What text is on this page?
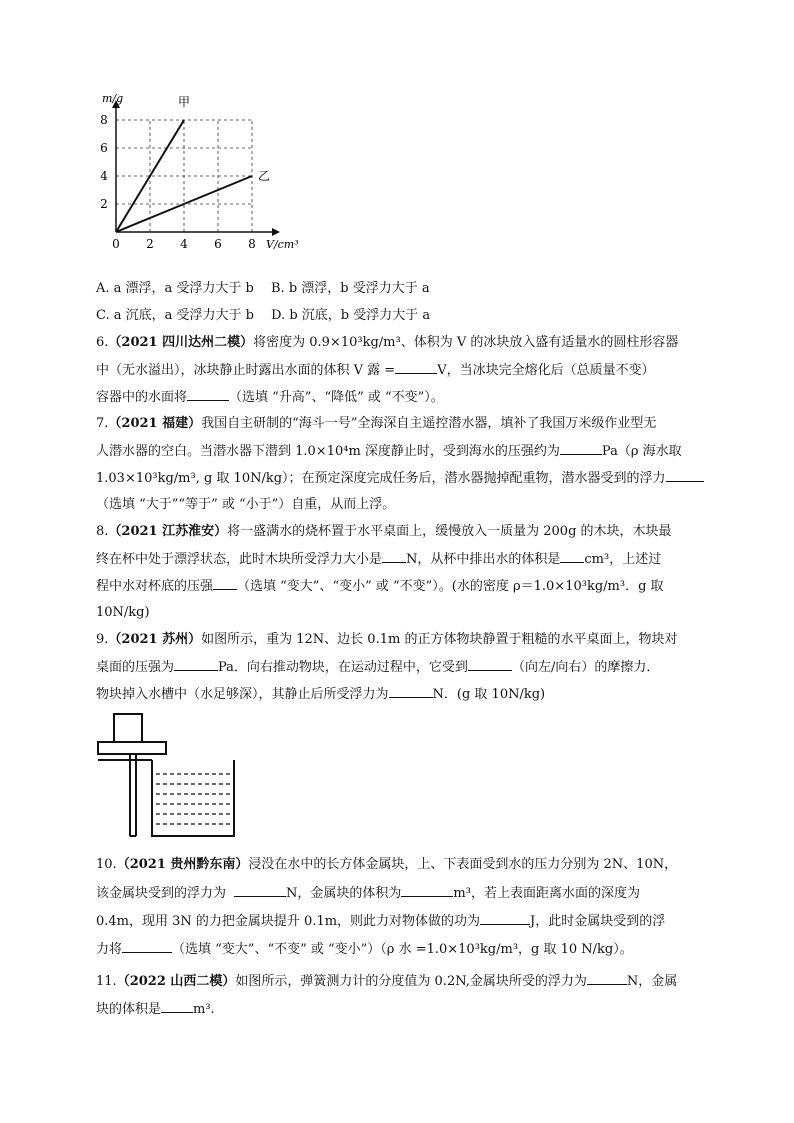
0 2 4 6 8
2
4
6
8
m/g
V/cm³
甲
乙
A. a 漂浮，a 受浮力大于 b　 B. b 漂浮，b 受浮力大于 a
C. a 沉底，a 受浮力大于 b　 D. b 沉底，b 受浮力大于 a
6.（2021 四川达州二模）将密度为 0.9×10³kg/m³、体积为 V 的冰块放入盛有适量水的圆柱形容器
中（无水溢出），冰块静止时露出水面的体积 V 露 =	V，当冰块完全熔化后（总质量不变）
容器中的水面将	（选填 “升高”、“降低” 或 “不变”）。
7.（2021 福建）我国自主研制的“海斗一号”全海深自主遥控潜水器，填补了我国万米级作业型无
人潜水器的空白。当潜水器下潜到 1.0×10⁴m 深度静止时，受到海水的压强约为	Pa（ρ 海水取
1.03×10³kg/m³, g 取 10N/kg）；在预定深度完成任务后，潜水器抛掉配重物，潜水器受到的浮力
（选填 “大于”“等于” 或 “小于”）自重，从而上浮。
8.（2021 江苏淮安）将一盛满水的烧杯置于水平桌面上，缓慢放入一质量为 200g 的木块，木块最
终在杯中处于漂浮状态，此时木块所受浮力大小是 N，从杯中排出水的体积是 cm³，上述过
程中水对杯底的压强 （选填 “变大”、“变小” 或 “不变”）。(水的密度 ρ＝1.0×10³kg/m³．g 取
10N/kg)
9.（2021 苏州）如图所示，重为 12N、边长 0.1m 的正方体物块静置于粗糙的水平桌面上，物块对
桌面的压强为	Pa．向右推动物块，在运动过程中，它受到	（向左/向右）的摩擦力．
物块掉入水槽中（水足够深），其静止后所受浮力为	N．(g 取 10N/kg)
10.（2021 贵州黔东南）浸没在水中的长方体金属块，上、下表面受到水的压力分别为 2N、10N，
该金属块受到的浮力为	N，金属块的体积为	m³，若上表面距离水面的深度为
0.4m，现用 3N 的力把金属块提升 0.1m，则此力对物体做的功为	J，此时金属块受到的浮
力将	（选填 “变大”、“不变” 或 “变小”）（ρ 水 =1.0×10³kg/m³，g 取 10 N/kg）。
11.（2022 山西二模）如图所示，弹簧测力计的分度值为 0.2N,金属块所受的浮力为	N，金属
块的体积是 m³.
